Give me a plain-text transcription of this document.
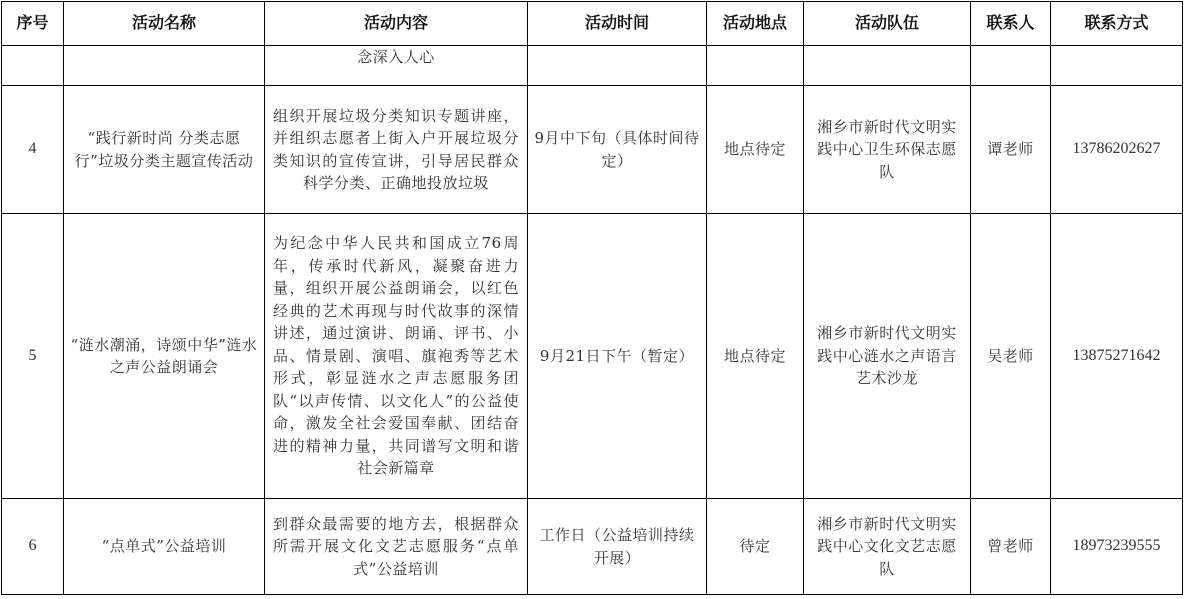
序号	活动名称	活动内容	活动时间	活动地点	活动队伍	联系人	联系方式
		念深入人心					
4	“践行新时尚 分类志愿行”垃圾分类主题宣传活动	组织开展垃圾分类知识专题讲座，并组织志愿者上街入户开展垃圾分类知识的宣传宣讲，引导居民群众科学分类、正确地投放垃圾	9月中下旬（具体时间待定）	地点待定	湘乡市新时代文明实践中心卫生环保志愿队	谭老师	13786202627
5	“涟水潮涌，诗颂中华”涟水之声公益朗诵会	为纪念中华人民共和国成立76周年，传承时代新风，凝聚奋进力量，组织开展公益朗诵会，以红色经典的艺术再现与时代故事的深情讲述，通过演讲、朗诵、评书、小品、情景剧、演唱、旗袍秀等艺术形式，彰显涟水之声志愿服务团队“以声传情、以文化人”的公益使命，激发全社会爱国奉献、团结奋进的精神力量，共同谱写文明和谐社会新篇章	9月21日下午（暂定）	地点待定	湘乡市新时代文明实践中心涟水之声语言艺术沙龙	吴老师	13875271642
6	“点单式”公益培训	到群众最需要的地方去，根据群众所需开展文化文艺志愿服务“点单式”公益培训	工作日（公益培训持续开展）	待定	湘乡市新时代文明实践中心文化文艺志愿队	曾老师	18973239555
